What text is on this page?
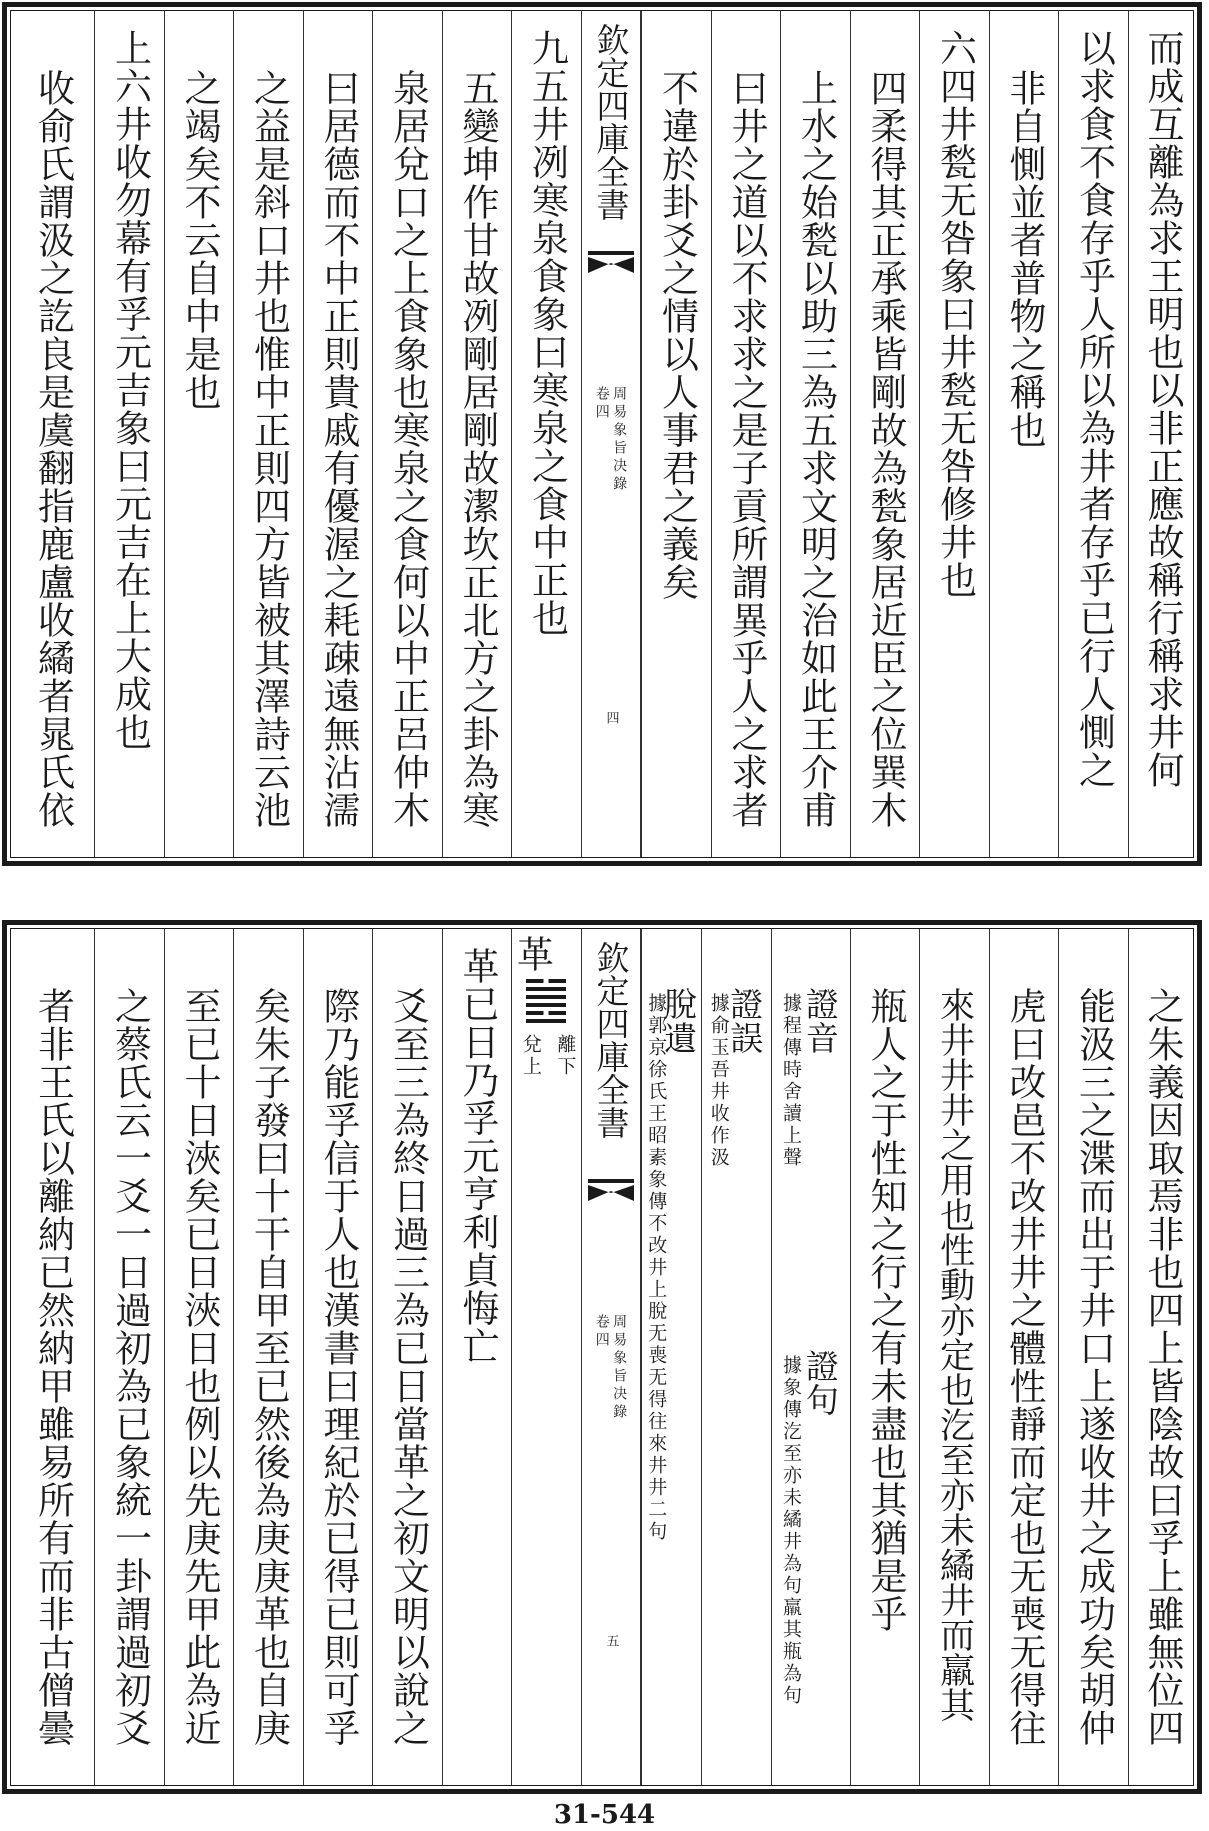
而成互離為求王明也以非正應故稱行稱求井何
以求食不食存乎人所以為井者存乎已行人惻之
非自惻並者普物之稱也
六四井甃无咎象曰井甃无咎修井也
四柔得其正承乘皆剛故為甃象居近臣之位巽木
上水之始甃以助三為五求文明之治如此王介甫
曰井之道以不求求之是子貢所謂異乎人之求者
不違於卦爻之情以人事君之義矣
欽定四庫全書
周易象旨决錄
卷四
四
九五井冽寒泉食象曰寒泉之食中正也
五變坤作甘故冽剛居剛故潔坎正北方之卦為寒
泉居兌口之上食象也寒泉之食何以中正呂仲木
曰居德而不中正則貴戚有優渥之耗疎遠無沾濡
之益是斜口井也惟中正則四方皆被其澤詩云池
之竭矣不云自中是也
上六井收勿幕有孚元吉象曰元吉在上大成也
收俞氏謂汲之訖良是虞翻指鹿盧收繘者晁氏依
之朱義因取焉非也四上皆陰故曰孚上雖無位四
能汲三之渫而出于井口上遂收井之成功矣胡仲
虎曰改邑不改井井之體性靜而定也无喪无得往
來井井井之用也性動亦定也汔至亦未繘井而羸其
瓶人之于性知之行之有未盡也其猶是乎
證音
據程傳時舍讀上聲
證句
據象傳汔至亦未繘井為句羸其瓶為句
證誤
據俞玉吾井收作汲
脫遺
據郭京徐氏王昭素象傳不改井上脫无喪无得往來井井二句
欽定四庫全書
周易象旨决錄
卷四
五
革
離下
兌上
革已日乃孚元亨利貞悔亡
爻至三為終日過三為已日當革之初文明以說之
際乃能孚信于人也漢書曰理紀於已得已則可孚
矣朱子發曰十干自甲至已然後為庚庚革也自庚
至已十日浹矣已日浹日也例以先庚先甲此為近
之蔡氏云一爻一日過初為已象統一卦謂過初爻
者非王氏以離納已然納甲雖易所有而非古僧曇
31-544
